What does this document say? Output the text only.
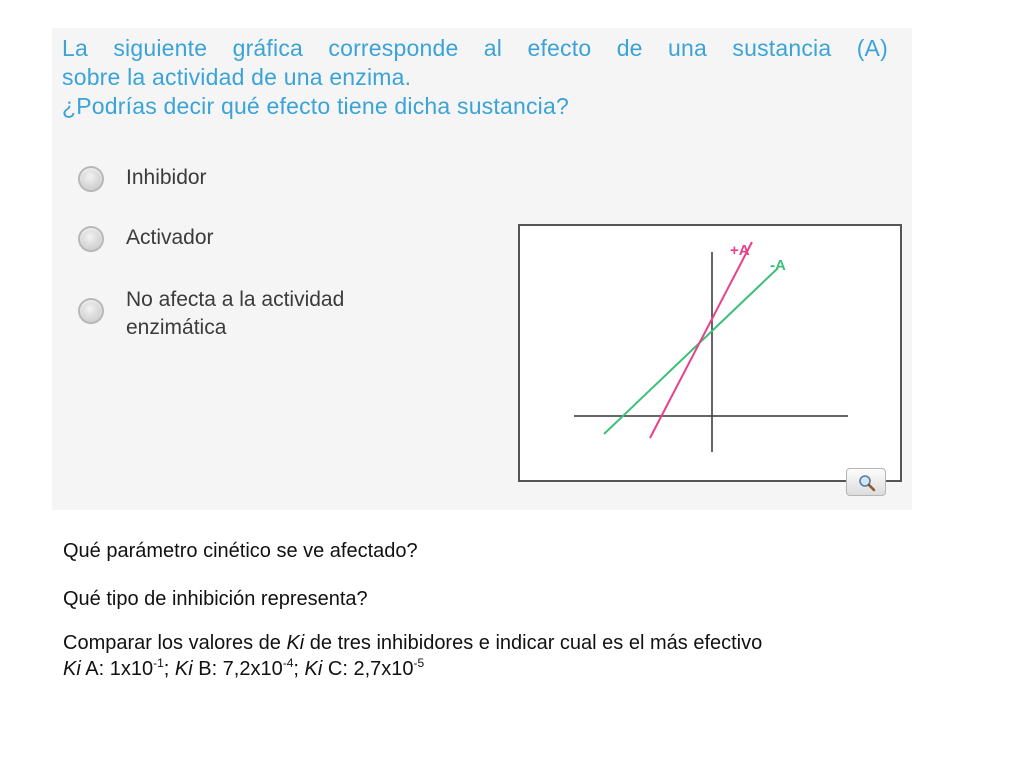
La siguiente gráfica corresponde al efecto de una sustancia (A)
sobre la actividad de una enzima.
¿Podrías decir qué efecto tiene dicha sustancia?
Inhibidor
Activador
No afecta a la actividad
enzimática
+A
-A
Qué parámetro cinético se ve afectado?
Qué tipo de inhibición representa?
Comparar los valores de Ki de tres inhibidores e indicar cual es el más efectivo
Ki A: $1x10^{-1}$; Ki B: $7,2x10^{-4}$; Ki C: $2,7x10^{-5}$
